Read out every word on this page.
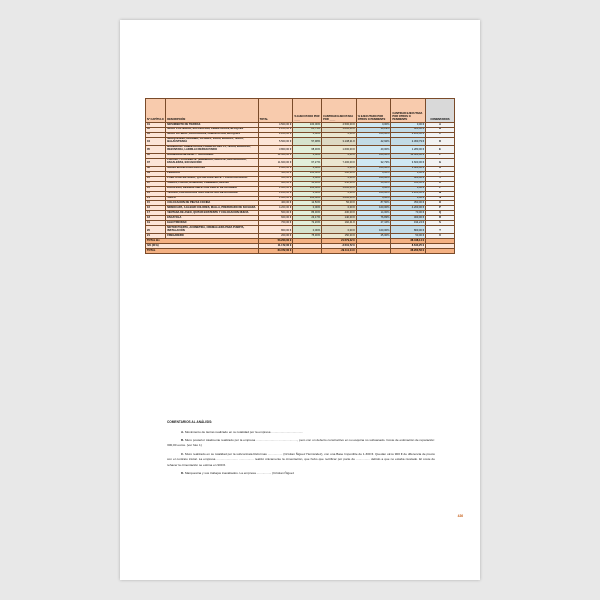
Nº CAPÍTULO	DESCRIPCIÓN	TOTAL	% EJECUTADO POR ____	CANTIDAD EJECUTADA POR ____	% EJECUTADO POR OTROS O PENDIENTE	CANTIDAD EJECUTADA POR OTROS O PENDIENTE	COMENTARIOS
01	MOVIMIENTO DE TIERRAS	4.500,00 €	100,00%	4.500,00 €	0,00%	0,00 €	A
02	MURO POSTERIOR, EXCAVACIÓN, CIMENTACIÓN, BLOQUES	2.200,00 €	85,71%	1.800,00 €	14,29%	380,00 €	B
03	MURO LATERAL, EXCAVACIÓN, CIMENTACIÓN, BLOQUES	2.200,00 €	0,00%	0,00 €	100,00%	2.200,00 €	C
04	MARQUESINA, DERRIBO, PILARES, VIGAS, BALDOS, TEJAS, BALAUSTRADA	5.500,00 €	57,08%	3.138,21 €	42,92%	2.360,79 €	D
05	BARBACOA. CIMENTACIÓN, LADRILLO DEL 11, TEJAS, BALDOSA, REJUNTADA, LADRILLO REFRACTARIO	3.800,00 €	68,00%	1.600,00 €	40,00%	1.280,00 €	E
06	HORMIGÓN IMPRESO Y TRATASADO	12.600,00 €	0,00%	0,00 €	100,00%	12.600,00 €	F
07	PISCINA, TOTALMENTE TERMINADA, GRESITE, DEPURADORA, ESCALERAS, EXCAVACIÓN	11.600,00 €	67,27%	7.400,00 €	32,73%	3.600,00 €	G
08	GRAVA BLANCA DECORATIVA	1.800,00 €	0,00%	0,00 €	100,00%	1.800,00 €	H
09	PÉRGOLA	500,00 €	100,00%	500,00 €	0,00%	0,00 €	I
10	PUERTA DE ENTRADA, QUITAR EXISTENTE Y COLOCAR NUEVA	300,00 €	0,00%	0,00 €	100,00%	380,00 €	J
11	VARIOS, PINTAR, HUMEDAD, CHIMENEA, REPISA	900,00 €	50,00%	450,00 €	50,00%	450,00 €	K
12	ESCALERA, DESMONTABLE CON PERFIL DE ALUMINIO	1.800,00 €	100,00%	1.800,00 €	0,00%	0,00 €	L
13	TEJADO, COLOCACIÓN TELA ASFÁLTICA DE EXTERIOR	1.200,00 €	0,00%	0,00 €	100,00%	1.200,00 €	M
14	VALLA	1.800,00 €	100,00%	1.800,00 €	0,00%	0,00 €	N
15	COLOCACIÓN DE PIEZAS COCINA	400,00 €	12,50%	50,00 €	87,50%	350,00 €	O
16	MONOCAPA, A ELEGIR COLORES, MALLA, PREPARADO DE FACHADA	4.200,00 €	0,00%	0,00 €	100,00%	4.200,00 €	P
17	VENTANA DE ASEO, QUITAR EXISTENTE Y COLOCACIÓN NUEVA	500,00 €	86,00%	430,00 €	14,00%	70,00 €	Q
18	ESCAYOLA	600,00 €	23,17%	140,00 €	76,83%	460,00 €	R
19	ELECTRICIDAD	700,00 €	72,20%	192,41 €	27,16%	194,24 €	S
20	MOTOR PUERTA, ACOMETIDA, CREMALLERA PARA PUERTA, INSTALACIÓN	800,00 €	0,00%	0,00 €	100,00%	800,00 €	T
21	FREGADERO	200,00 €	75,00%	150,00 €	25,00%	50,00 €	U
TOTAL B.I.		53.200,00 €		21.579,42 €		38.448,14 €	
IVA (21%)		11.172,00 €		-3.531,72 €		8.643,25 €	
TOTAL		64.372,00 €		-29.111,14 €		38.260,56 €	
COMENTARIOS AL ANÁLISIS:

A. Movimiento de tierras realizado en su totalidad por la empresa .....................................

B. Muro posterior totalmente realizado por la empresa ......................... ......................, pero con un defecto constructivo en su esquina no subsanado. Coste de estimación de reparación: 300,00 euros. (ver foto 1)

C. Muro realizado en su totalidad por la subcontrata Reformas ................. (Cristian Ñiguez Hernández), con una Base Imponible de 1.300 €. Quedan otros 900 € de diferencia de precio con el contrato inicial. La empresa ......................... ................. realizó únicamente la cimentación, que hubo que rectificar por parte de ................ debido a que no estaba nivelado. El coste de rehacer la cimentación se estima en 900 €.

D. Marquesina y sus trabajos inacabados. La empresa ................. (Cristian Ñiguez

426
